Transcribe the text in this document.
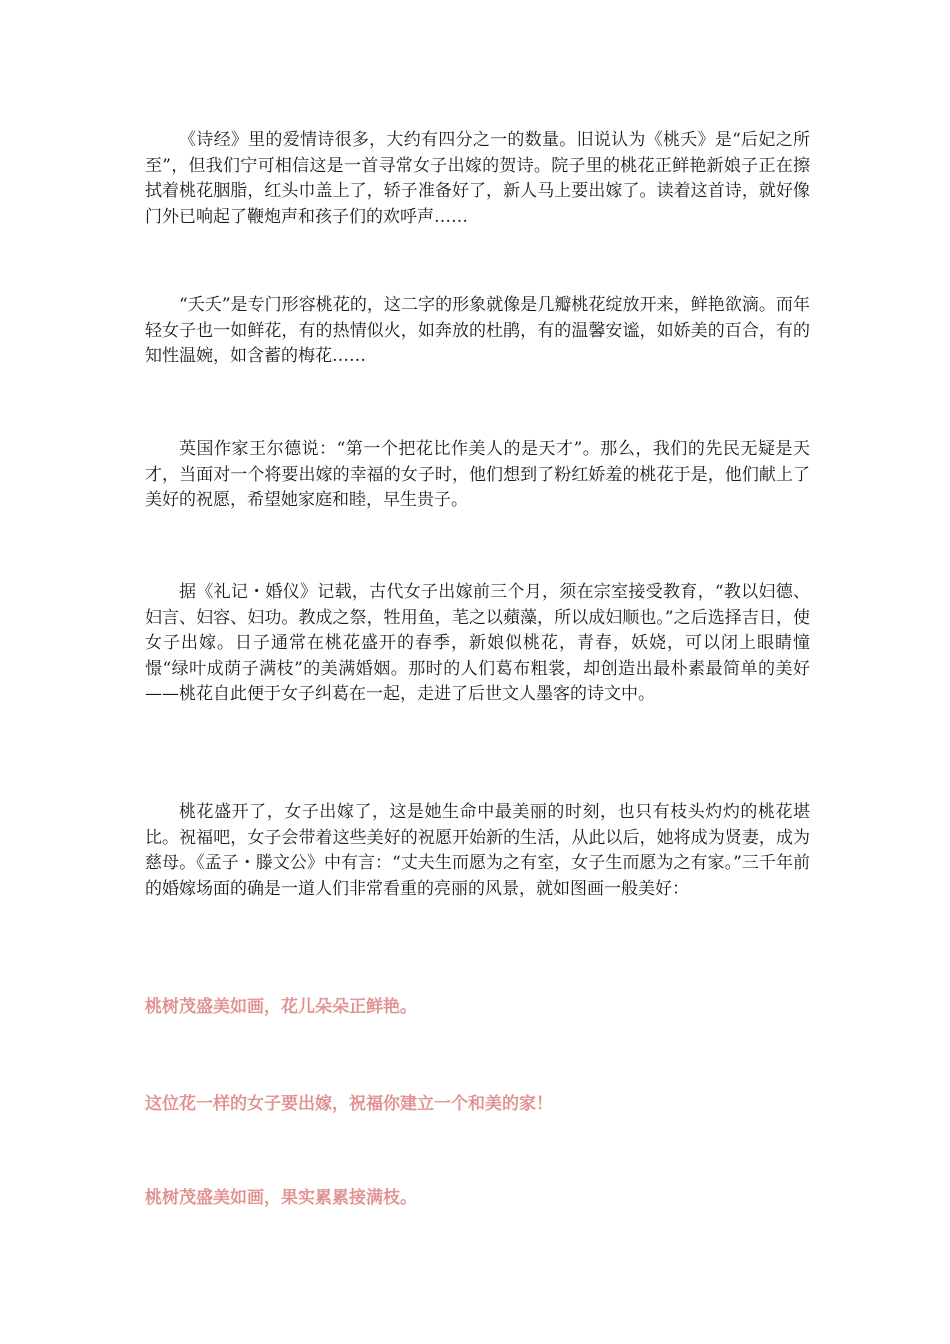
《诗经》里的爱情诗很多，大约有四分之一的数量。旧说认为《桃夭》是“后妃之所至”，但我们宁可相信这是一首寻常女子出嫁的贺诗。院子里的桃花正鲜艳新娘子正在擦拭着桃花胭脂，红头巾盖上了，轿子准备好了，新人马上要出嫁了。读着这首诗，就好像门外已响起了鞭炮声和孩子们的欢呼声……

“夭夭”是专门形容桃花的，这二字的形象就像是几瓣桃花绽放开来，鲜艳欲滴。而年轻女子也一如鲜花，有的热情似火，如奔放的杜鹃，有的温馨安谧，如娇美的百合，有的知性温婉，如含蓄的梅花……

英国作家王尔德说：“第一个把花比作美人的是天才”。那么，我们的先民无疑是天才，当面对一个将要出嫁的幸福的女子时，他们想到了粉红娇羞的桃花于是，他们献上了美好的祝愿，希望她家庭和睦，早生贵子。

据《礼记・婚仪》记载，古代女子出嫁前三个月，须在宗室接受教育，“教以妇德、妇言、妇容、妇功。教成之祭，牲用鱼，芼之以蘋藻，所以成妇顺也。”之后选择吉日，使女子出嫁。日子通常在桃花盛开的春季，新娘似桃花，青春，妖娆，可以闭上眼睛憧憬“绿叶成荫子满枝”的美满婚姻。那时的人们葛布粗裳，却创造出最朴素最简单的美好——桃花自此便于女子纠葛在一起，走进了后世文人墨客的诗文中。

桃花盛开了，女子出嫁了，这是她生命中最美丽的时刻，也只有枝头灼灼的桃花堪比。祝福吧，女子会带着这些美好的祝愿开始新的生活，从此以后，她将成为贤妻，成为慈母。《孟子・滕文公》中有言：“丈夫生而愿为之有室，女子生而愿为之有家。”三千年前的婚嫁场面的确是一道人们非常看重的亮丽的风景，就如图画一般美好：

桃树茂盛美如画，花儿朵朵正鲜艳。

这位花一样的女子要出嫁，祝福你建立一个和美的家！

桃树茂盛美如画，果实累累接满枝。
